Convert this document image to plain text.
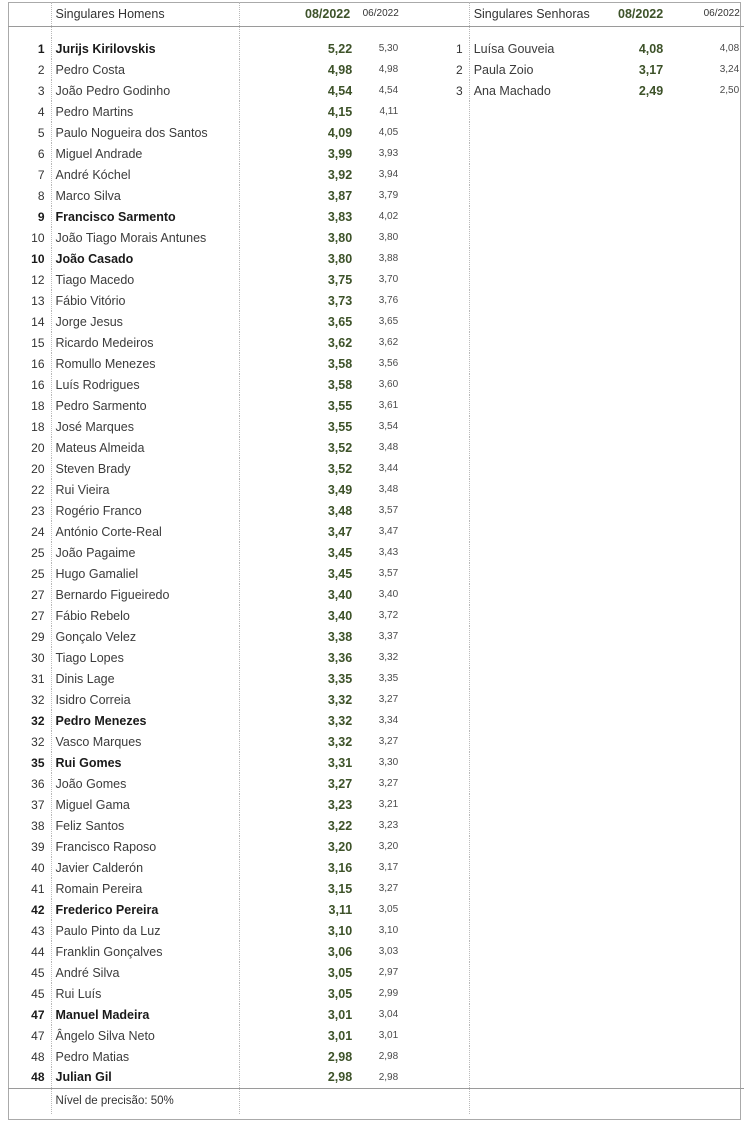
		Singulares Homens		08/2022	06/2022			Singulares Senhoras	08/2022		06/2022

	1	Jurijs Kirilovskis		5,22	5,30		1	Luísa Gouveia	4,08		4,08
	2	Pedro Costa		4,98	4,98		2	Paula Zoio	3,17		3,24
	3	João Pedro Godinho		4,54	4,54		3	Ana Machado	2,49		2,50
	4	Pedro Martins		4,15	4,11						
	5	Paulo Nogueira dos Santos		4,09	4,05						
	6	Miguel Andrade		3,99	3,93						
	7	André Kóchel		3,92	3,94						
	8	Marco Silva		3,87	3,79						
	9	Francisco Sarmento		3,83	4,02						
	10	João Tiago Morais Antunes		3,80	3,80						
	10	João Casado		3,80	3,88						
	12	Tiago Macedo		3,75	3,70						
	13	Fábio Vitório		3,73	3,76						
	14	Jorge Jesus		3,65	3,65						
	15	Ricardo Medeiros		3,62	3,62						
	16	Romullo Menezes		3,58	3,56						
	16	Luís Rodrigues		3,58	3,60						
	18	Pedro Sarmento		3,55	3,61						
	18	José Marques		3,55	3,54						
	20	Mateus Almeida		3,52	3,48						
	20	Steven Brady		3,52	3,44						
	22	Rui Vieira		3,49	3,48						
	23	Rogério Franco		3,48	3,57						
	24	António Corte-Real		3,47	3,47						
	25	João Pagaime		3,45	3,43						
	25	Hugo Gamaliel		3,45	3,57						
	27	Bernardo Figueiredo		3,40	3,40						
	27	Fábio Rebelo		3,40	3,72						
	29	Gonçalo Velez		3,38	3,37						
	30	Tiago Lopes		3,36	3,32						
	31	Dinis Lage		3,35	3,35						
	32	Isidro Correia		3,32	3,27						
	32	Pedro Menezes		3,32	3,34						
	32	Vasco Marques		3,32	3,27						
	35	Rui Gomes		3,31	3,30						
	36	João Gomes		3,27	3,27						
	37	Miguel Gama		3,23	3,21						
	38	Feliz Santos		3,22	3,23						
	39	Francisco Raposo		3,20	3,20						
	40	Javier Calderón		3,16	3,17						
	41	Romain Pereira		3,15	3,27						
	42	Frederico Pereira		3,11	3,05						
	43	Paulo Pinto da Luz		3,10	3,10						
	44	Franklin Gonçalves		3,06	3,03						
	45	André Silva		3,05	2,97						
	45	Rui Luís		3,05	2,99						
	47	Manuel Madeira		3,01	3,04						
	47	Ângelo Silva Neto		3,01	3,01						
	48	Pedro Matias		2,98	2,98						
	48	Julian Gil		2,98	2,98						
		Nível de precisão: 50%									
